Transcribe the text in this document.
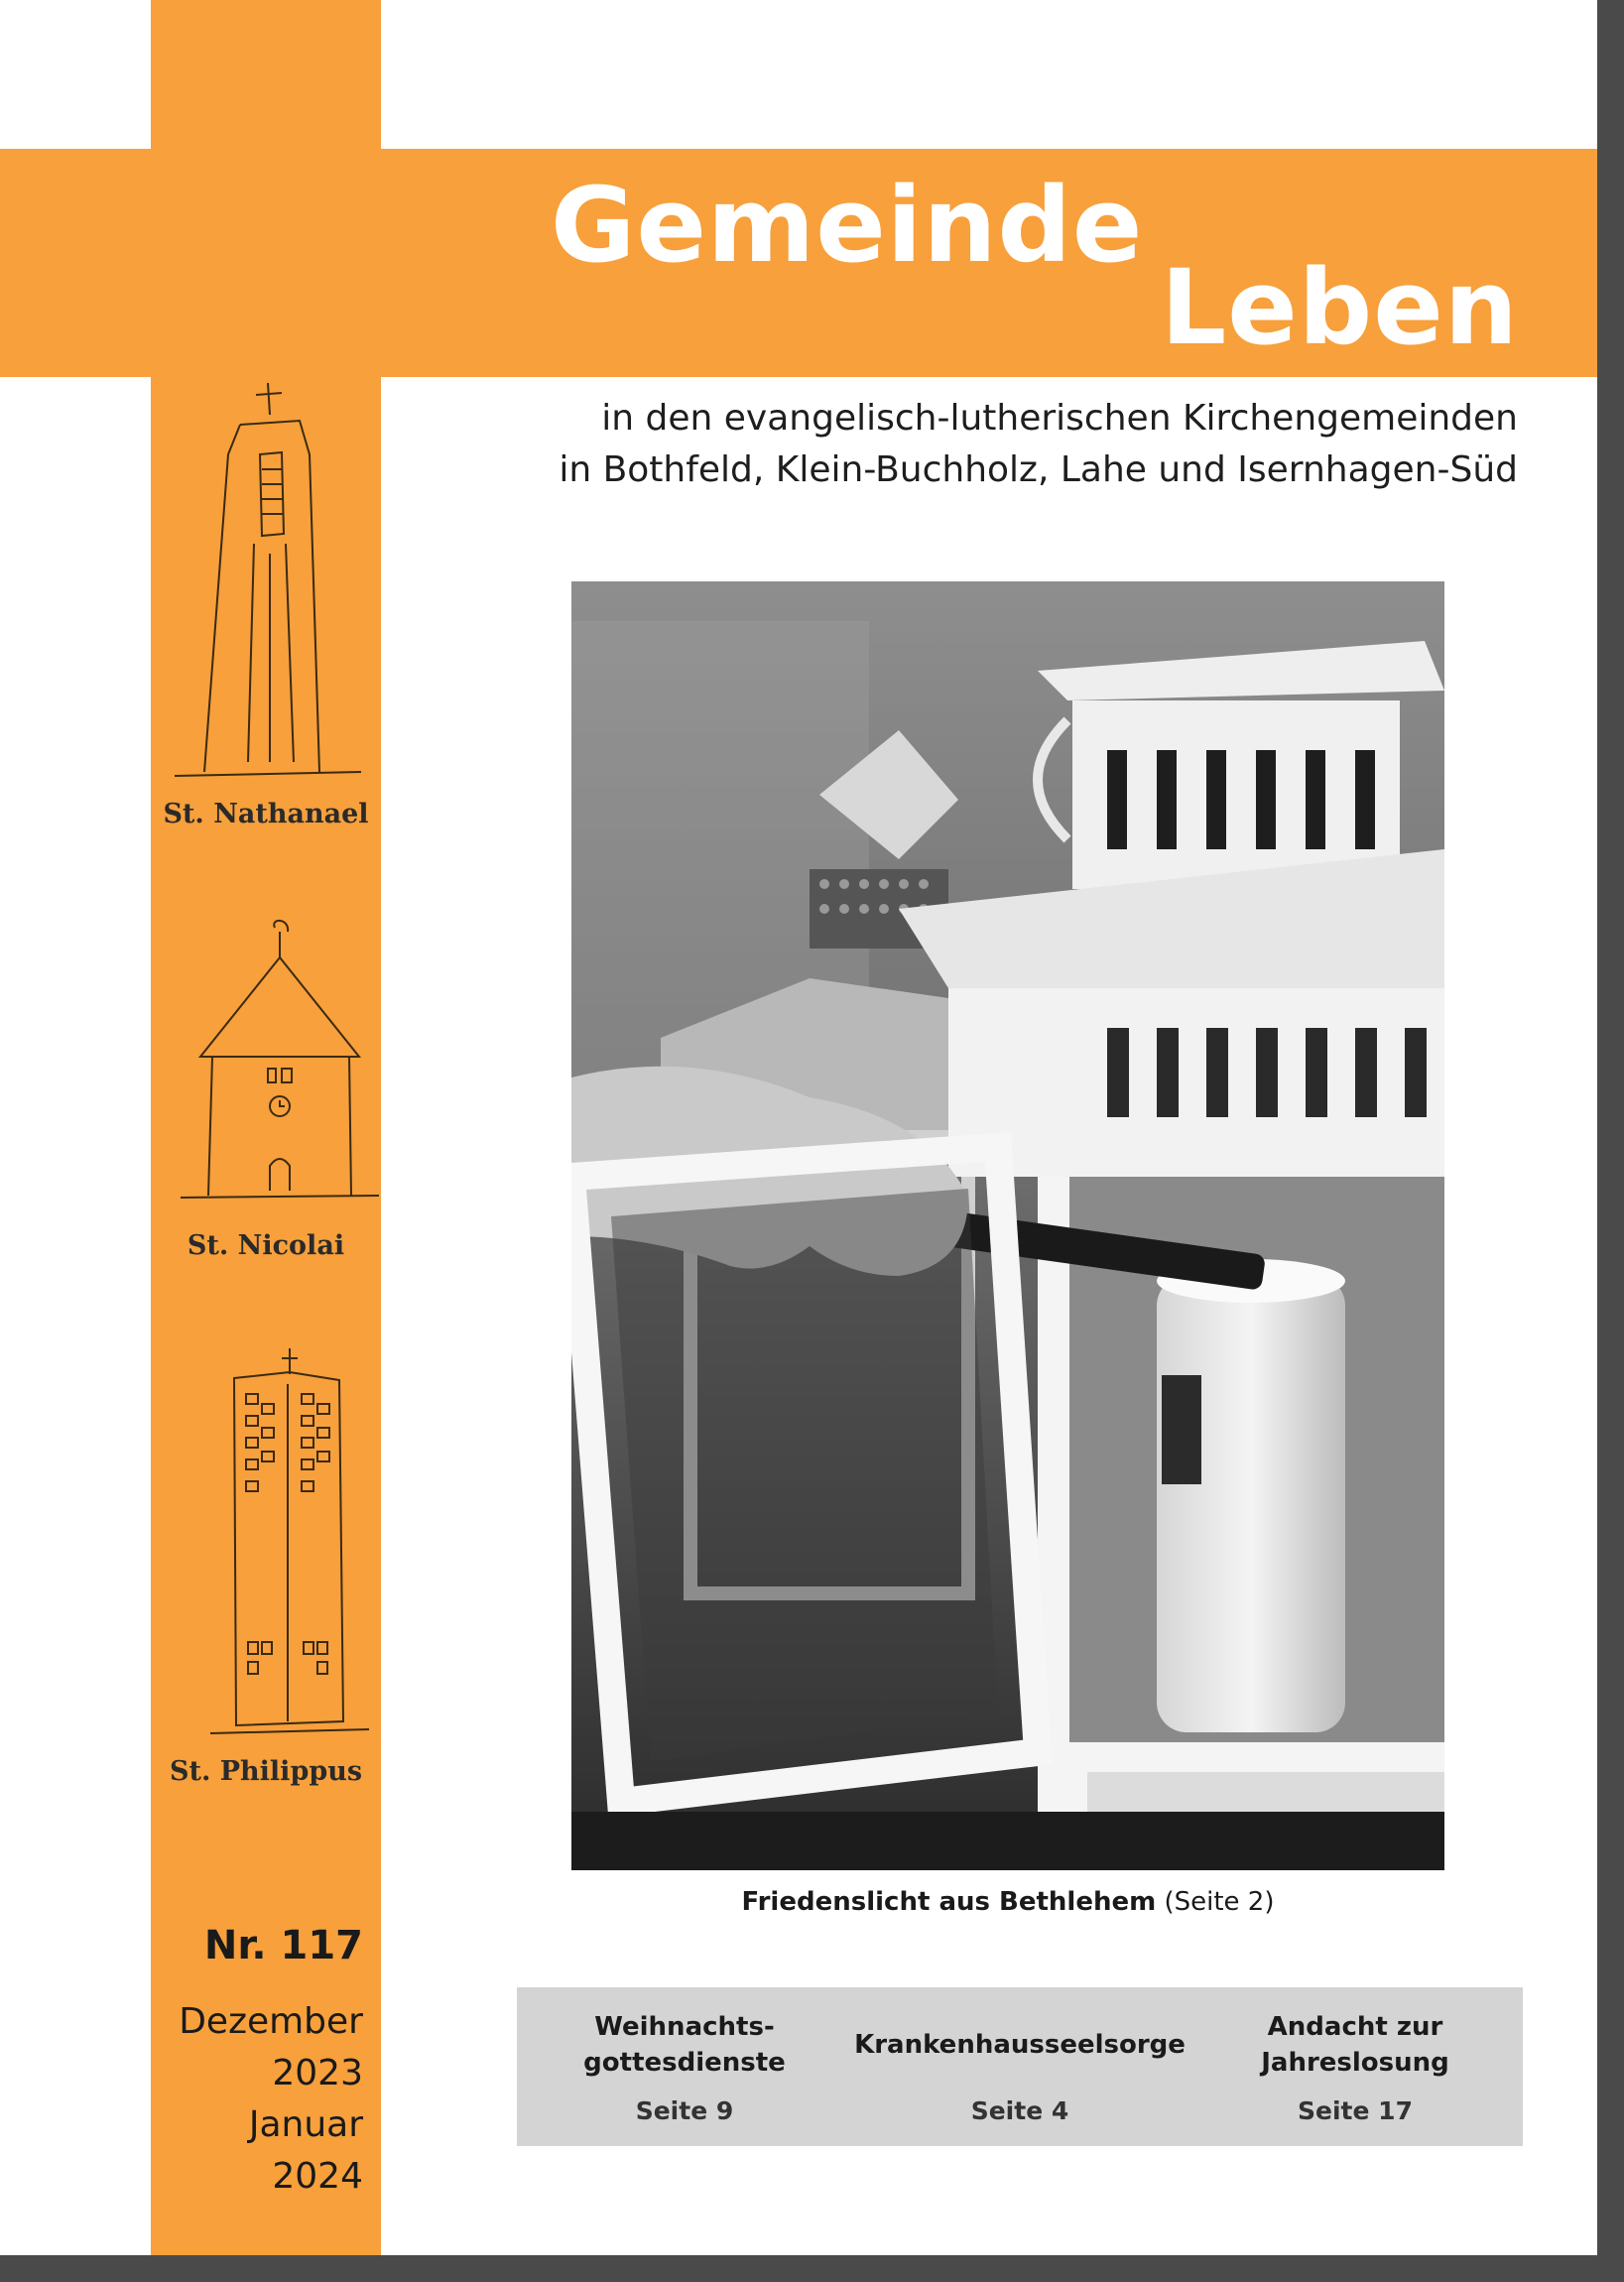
Gemeinde
Leben
in den evangelisch-lutherischen Kirchengemeinden
in Bothfeld, Klein-Buchholz, Lahe und Isernhagen-Süd
St. Nathanael
St. Nicolai
St. Philippus
Nr. 117
Dezember
2023
Januar
2024
Friedenslicht aus Bethlehem (Seite 2)
Weihnachts-
gottesdienste
Seite 9
Krankenhausseelsorge
Seite 4
Andacht zur
Jahreslosung
Seite 17
